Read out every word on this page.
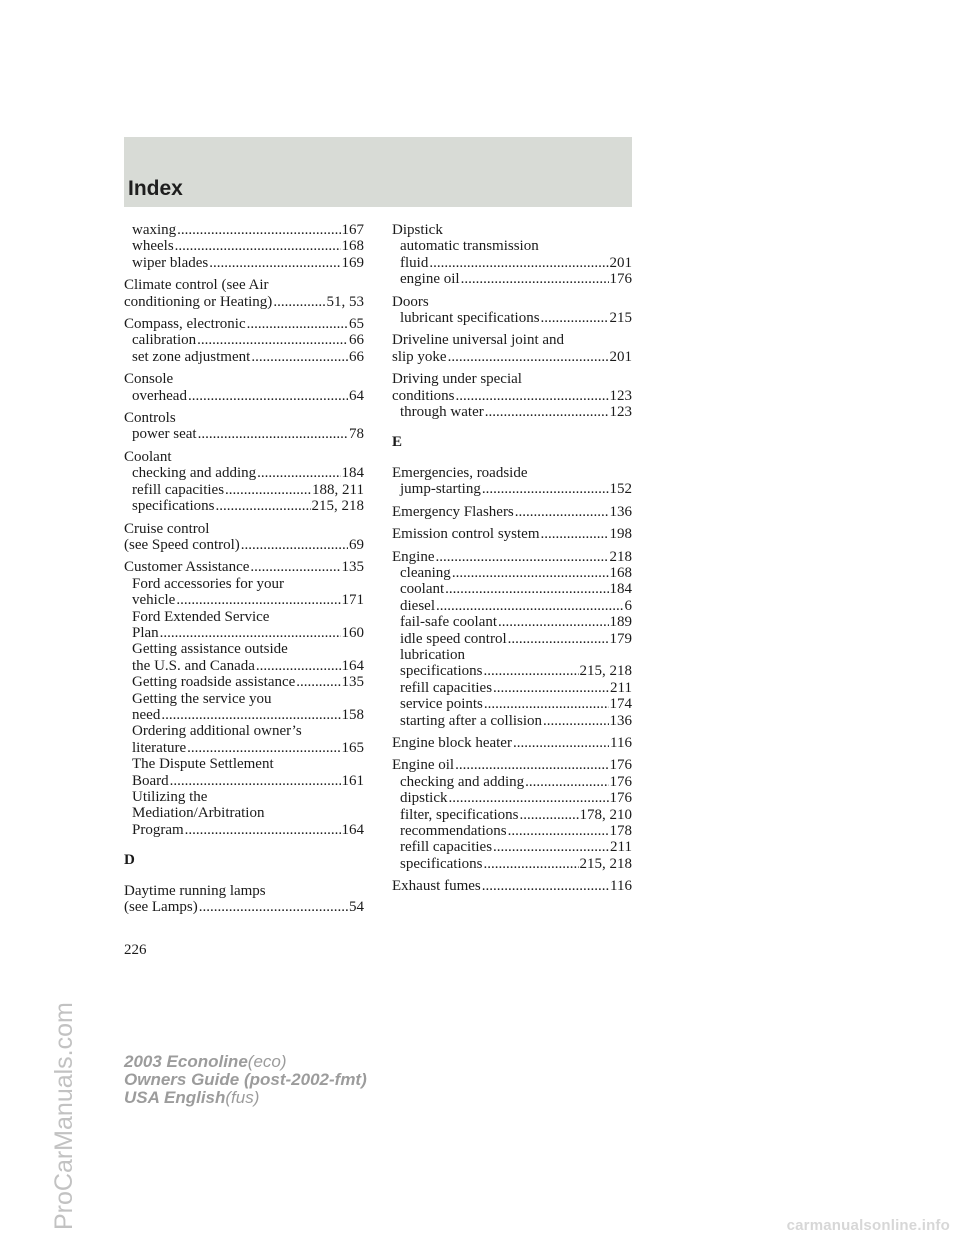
Index
waxing .....	167
wheels .....	168
wiper blades .....	169
Climate control (see Air
conditioning or Heating) .....	51, 53
Compass, electronic .....	65
calibration .....	66
set zone adjustment .....	66
Console
overhead .....	64
Controls
power seat .....	78
Coolant
checking and adding .....	184
refill capacities .....	188, 211
specifications .....	215, 218
Cruise control
(see Speed control) .....	69
Customer Assistance .....	135
Ford accessories for your
vehicle .....	171
Ford Extended Service
Plan .....	160
Getting assistance outside
the U.S. and Canada .....	164
Getting roadside assistance .....	135
Getting the service you
need .....	158
Ordering additional owner’s
literature .....	165
The Dispute Settlement
Board .....	161
Utilizing the
Mediation/Arbitration
Program .....	164
D
Daytime running lamps
(see Lamps) .....	54
Dipstick
automatic transmission
fluid .....	201
engine oil .....	176
Doors
lubricant specifications .....	215
Driveline universal joint and
slip yoke .....	201
Driving under special
conditions .....	123
through water .....	123
E
Emergencies, roadside
jump-starting .....	152
Emergency Flashers .....	136
Emission control system .....	198
Engine .....	218
cleaning .....	168
coolant .....	184
diesel .....	6
fail-safe coolant .....	189
idle speed control .....	179
lubrication
specifications .....	215, 218
refill capacities .....	211
service points .....	174
starting after a collision .....	136
Engine block heater .....	116
Engine oil .....	176
checking and adding .....	176
dipstick .....	176
filter, specifications .....	178, 210
recommendations .....	178
refill capacities .....	211
specifications .....	215, 218
Exhaust fumes .....	116
226
2003 Econoline(eco)
Owners Guide (post-2002-fmt)
USA English(fus)
ProCarManuals.com	carmanualsonline.info
